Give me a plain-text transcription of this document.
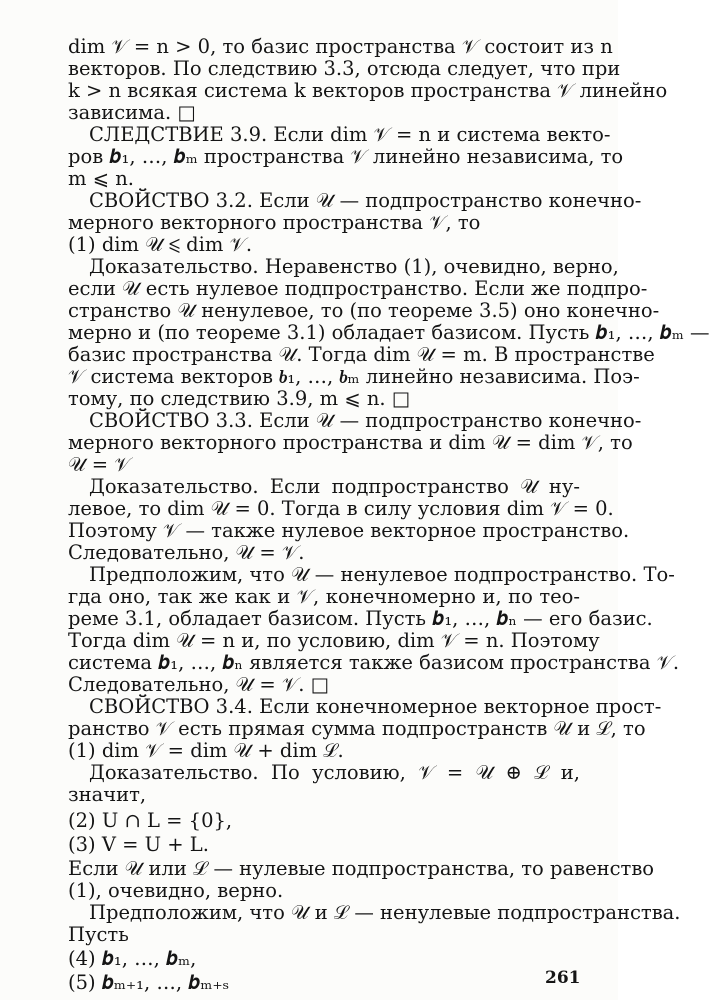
dim 𝒱 = n > 0, то базис пространства 𝒱 состоит из n
векторов. По следствию 3.3, отсюда следует, что при
k > n всякая система k векторов пространства 𝒱 линейно
зависима. □
СЛЕДСТВИЕ 3.9. Если dim 𝒱 = n и система векто-
ров 𝒃₁, …, 𝒃ₘ пространства 𝒱 линейно независима, то
m ⩽ n.
СВОЙСТВО 3.2. Если 𝒰 — подпространство конечно-
мерного векторного пространства 𝒱, то
(1) dim 𝒰 ⩽ dim 𝒱.
Доказательство. Неравенство (1), очевидно, верно,
если 𝒰 есть нулевое подпространство. Если же подпро-
странство 𝒰 ненулевое, то (по теореме 3.5) оно конечно-
мерно и (по теореме 3.1) обладает базисом. Пусть 𝒃₁, …, 𝒃ₘ —
базис пространства 𝒰. Тогда dim 𝒰 = m. В пространстве
𝒱 система векторов 𝒃₁, …, 𝒃ₘ линейно независима. Поэ-
тому, по следствию 3.9, m ⩽ n. □
СВОЙСТВО 3.3. Если 𝒰 — подпространство конечно-
мерного векторного пространства и dim 𝒰 = dim 𝒱, то
𝒰 = 𝒱
Доказательство. Если подпространство 𝒰 ну-
левое, то dim 𝒰 = 0. Тогда в силу условия dim 𝒱 = 0.
Поэтому 𝒱 — также нулевое векторное пространство.
Следовательно, 𝒰 = 𝒱.
Предположим, что 𝒰 — ненулевое подпространство. То-
гда оно, так же как и 𝒱, конечномерно и, по тео-
реме 3.1, обладает базисом. Пусть 𝒃₁, …, 𝒃ₙ — его базис.
Тогда dim 𝒰 = n и, по условию, dim 𝒱 = n. Поэтому
система 𝒃₁, …, 𝒃ₙ является также базисом пространства 𝒱.
Следовательно, 𝒰 = 𝒱. □
СВОЙСТВО 3.4. Если конечномерное векторное прост-
ранство 𝒱 есть прямая сумма подпространств 𝒰 и ℒ, то
(1) dim 𝒱 = dim 𝒰 + dim ℒ.
Доказательство. По условию, 𝒱 = 𝒰 ⊕ ℒ и,
значит,
(2) U ∩ L = {0},
(3) V = U + L.
Если 𝒰 или ℒ — нулевые подпространства, то равенство
(1), очевидно, верно.
Предположим, что 𝒰 и ℒ — ненулевые подпространства.
Пусть
(4) 𝒃₁, …, 𝒃ₘ,
(5) 𝒃ₘ₊₁, …, 𝒃ₘ₊ₛ	261
